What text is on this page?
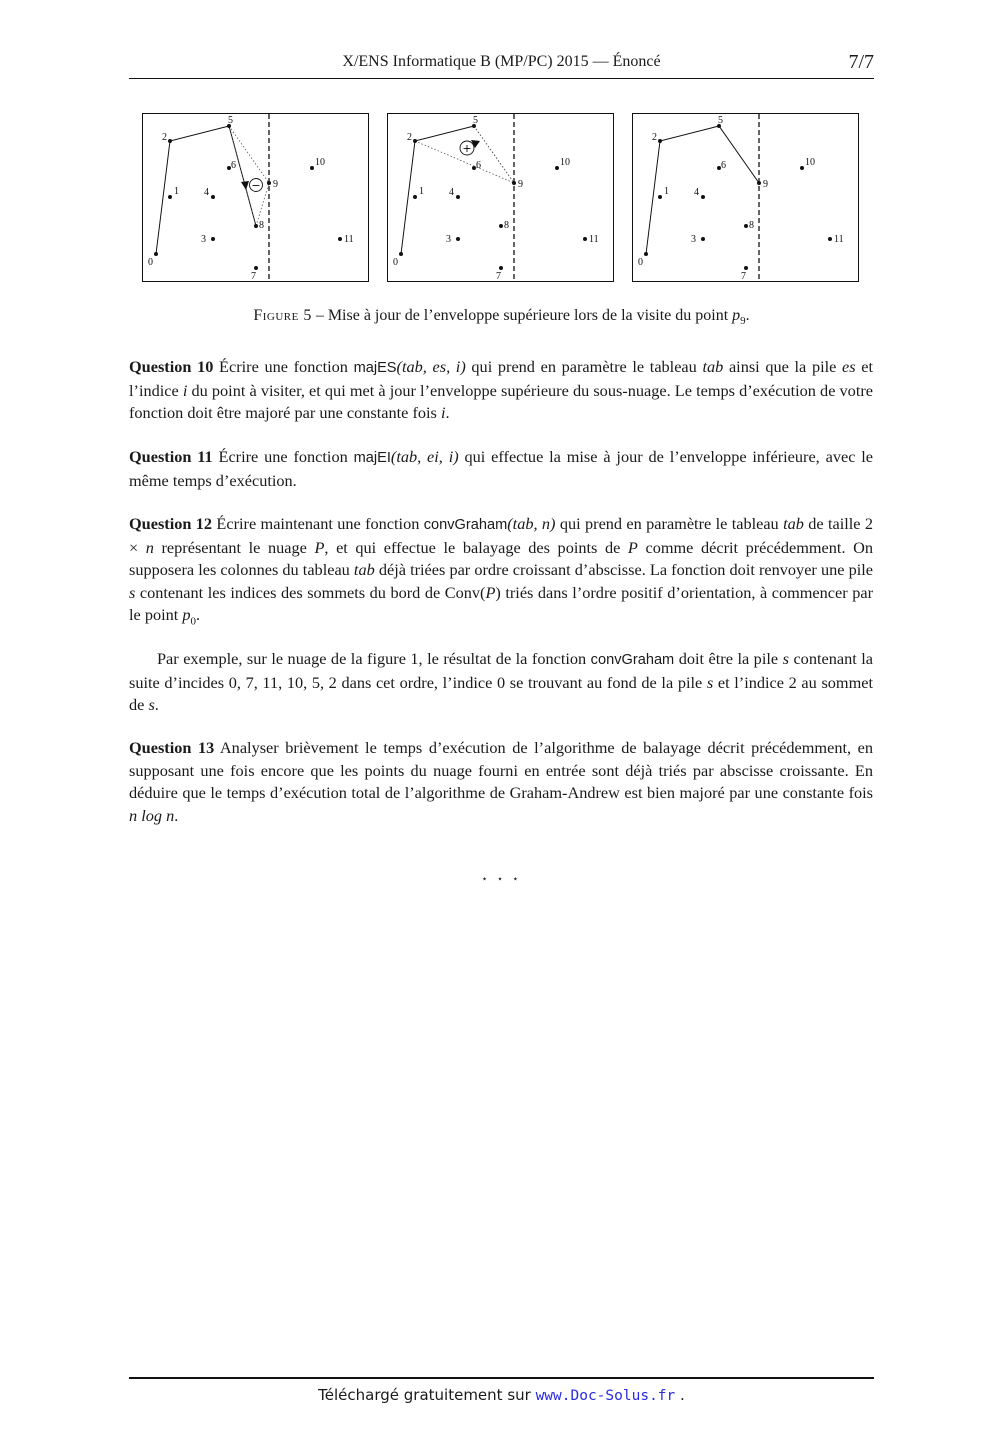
X/ENS Informatique B (MP/PC) 2015 — Énoncé	7/7
−
0
1
2
3
4
5
6
7
8
9
10
11
+
0
1
2
3
4
5
6
7
8
9
10
11
0
1
2
3
4
5
6
7
8
9
10
11
Figure 5 – Mise à jour de l’enveloppe supérieure lors de la visite du point $p_9$.
Question 10 Écrire une fonction majES(tab, es, i) qui prend en paramètre le tableau tab ainsi que la pile es et l’indice i du point à visiter, et qui met à jour l’enveloppe supérieure du sous-nuage. Le temps d’exécution de votre fonction doit être majoré par une constante fois i.
Question 11 Écrire une fonction majEI(tab, ei, i) qui effectue la mise à jour de l’enveloppe inférieure, avec le même temps d’exécution.
Question 12 Écrire maintenant une fonction convGraham(tab, n) qui prend en paramètre le tableau tab de taille 2 × n représentant le nuage P, et qui effectue le balayage des points de P comme décrit précédemment. On supposera les colonnes du tableau tab déjà triées par ordre croissant d’abscisse. La fonction doit renvoyer une pile s contenant les indices des sommets du bord de Conv(P) triés dans l’ordre positif d’orientation, à commencer par le point $p_0$.
Par exemple, sur le nuage de la figure 1, le résultat de la fonction convGraham doit être la pile s contenant la suite d’incides 0, 7, 11, 10, 5, 2 dans cet ordre, l’indice 0 se trouvant au fond de la pile s et l’indice 2 au sommet de s.
Question 13 Analyser brièvement le temps d’exécution de l’algorithme de balayage décrit précédemment, en supposant une fois encore que les points du nuage fourni en entrée sont déjà triés par abscisse croissante. En déduire que le temps d’exécution total de l’algorithme de Graham-Andrew est bien majoré par une constante fois n log n.
⋆ ⋆ ⋆
Téléchargé gratuitement sur www.Doc-Solus.fr .
